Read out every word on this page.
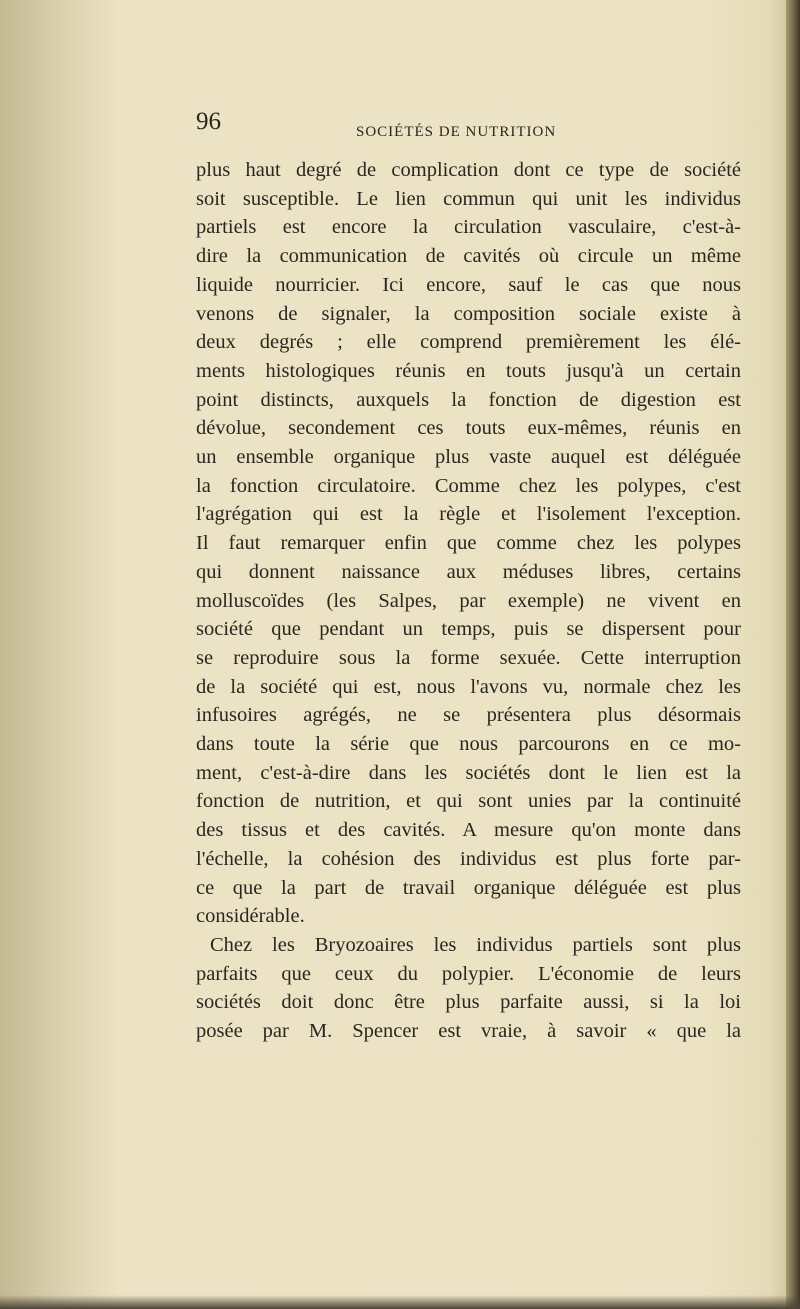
96	SOCIÉTÉS DE NUTRITION
plus haut degré de complication dont ce type de société
soit susceptible. Le lien commun qui unit les individus
partiels est encore la circulation vasculaire, c'est-à-
dire la communication de cavités où circule un même
liquide nourricier. Ici encore, sauf le cas que nous
venons de signaler, la composition sociale existe à
deux degrés ; elle comprend premièrement les élé-
ments histologiques réunis en touts jusqu'à un certain
point distincts, auxquels la fonction de digestion est
dévolue, secondement ces touts eux-mêmes, réunis en
un ensemble organique plus vaste auquel est déléguée
la fonction circulatoire. Comme chez les polypes, c'est
l'agrégation qui est la règle et l'isolement l'exception.
Il faut remarquer enfin que comme chez les polypes
qui donnent naissance aux méduses libres, certains
molluscoïdes (les Salpes, par exemple) ne vivent en
société que pendant un temps, puis se dispersent pour
se reproduire sous la forme sexuée. Cette interruption
de la société qui est, nous l'avons vu, normale chez les
infusoires agrégés, ne se présentera plus désormais
dans toute la série que nous parcourons en ce mo-
ment, c'est-à-dire dans les sociétés dont le lien est la
fonction de nutrition, et qui sont unies par la continuité
des tissus et des cavités. A mesure qu'on monte dans
l'échelle, la cohésion des individus est plus forte par-
ce que la part de travail organique déléguée est plus
considérable.
Chez les Bryozoaires les individus partiels sont plus
parfaits que ceux du polypier. L'économie de leurs
sociétés doit donc être plus parfaite aussi, si la loi
posée par M. Spencer est vraie, à savoir « que la
